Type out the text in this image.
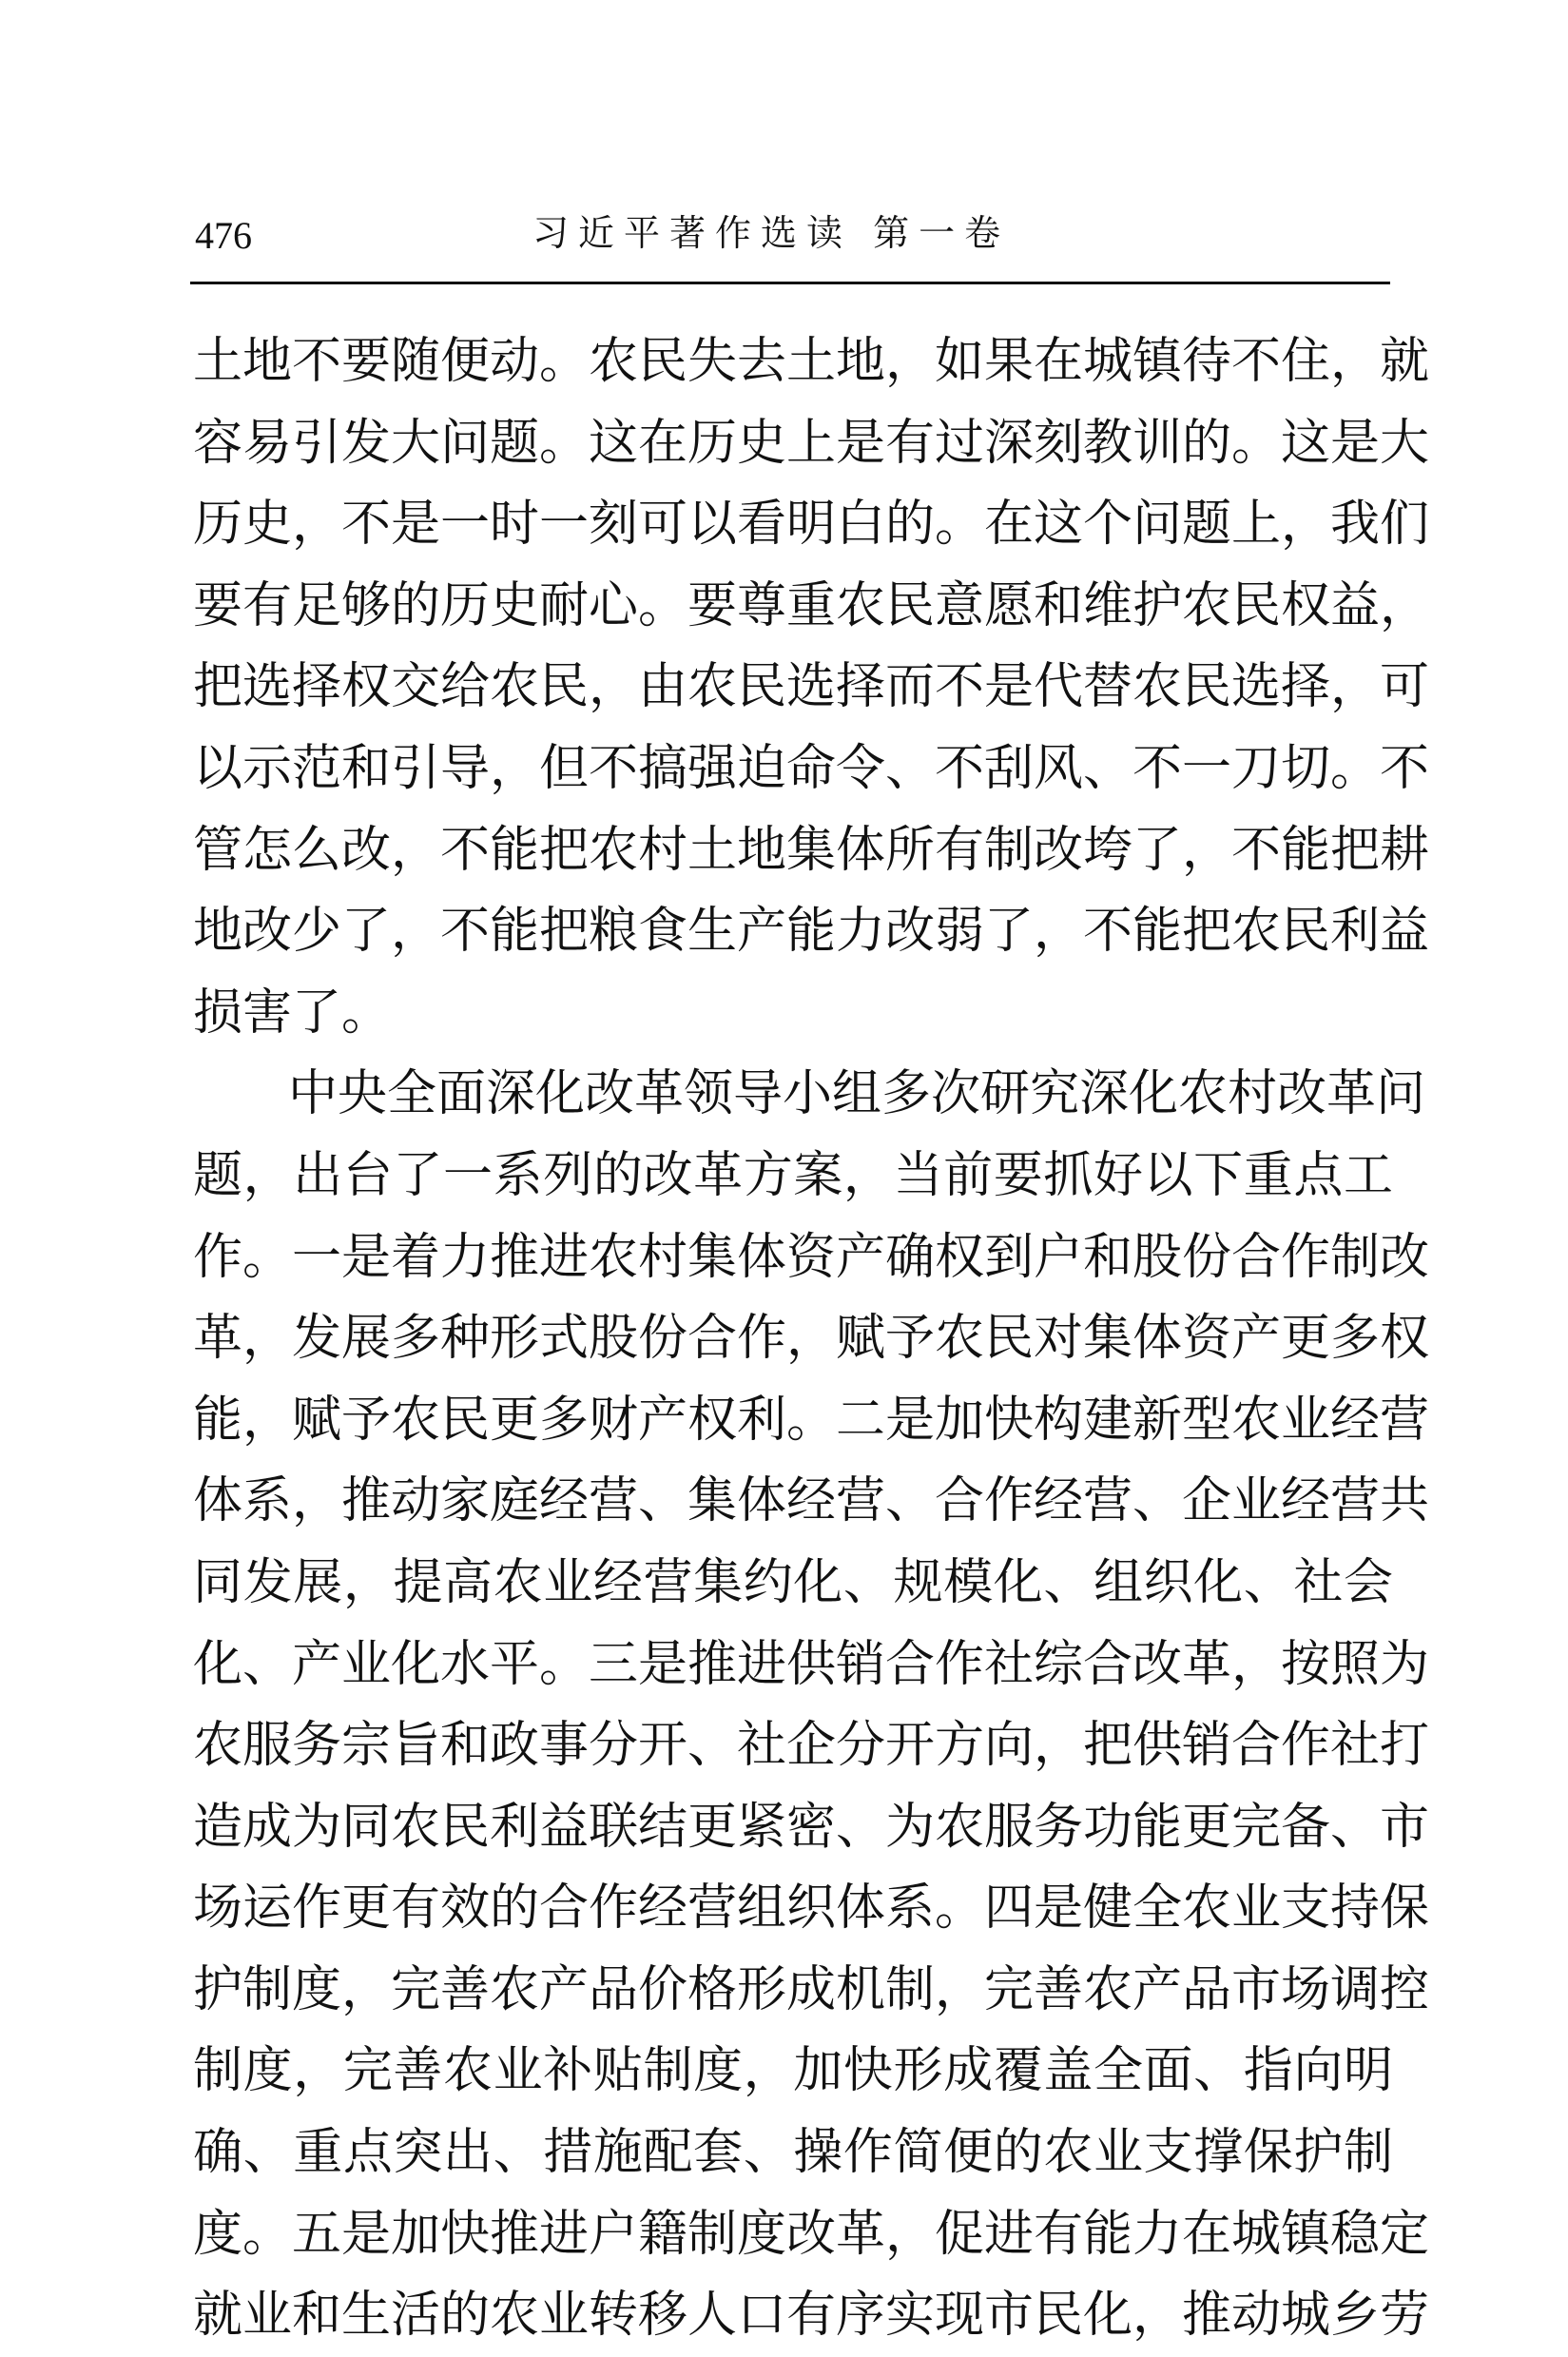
476	习近平著作选读 第一卷
土地不要随便动。农民失去土地，如果在城镇待不住，就
容易引发大问题。这在历史上是有过深刻教训的。这是大
历史，不是一时一刻可以看明白的。在这个问题上，我们
要有足够的历史耐心。要尊重农民意愿和维护农民权益，
把选择权交给农民，由农民选择而不是代替农民选择，可
以示范和引导，但不搞强迫命令、不刮风、不一刀切。不
管怎么改，不能把农村土地集体所有制改垮了，不能把耕
地改少了，不能把粮食生产能力改弱了，不能把农民利益
损害了。
中央全面深化改革领导小组多次研究深化农村改革问
题，出台了一系列的改革方案，当前要抓好以下重点工
作。一是着力推进农村集体资产确权到户和股份合作制改
革，发展多种形式股份合作，赋予农民对集体资产更多权
能，赋予农民更多财产权利。二是加快构建新型农业经营
体系，推动家庭经营、集体经营、合作经营、企业经营共
同发展，提高农业经营集约化、规模化、组织化、社会
化、产业化水平。三是推进供销合作社综合改革，按照为
农服务宗旨和政事分开、社企分开方向，把供销合作社打
造成为同农民利益联结更紧密、为农服务功能更完备、市
场运作更有效的合作经营组织体系。四是健全农业支持保
护制度，完善农产品价格形成机制，完善农产品市场调控
制度，完善农业补贴制度，加快形成覆盖全面、指向明
确、重点突出、措施配套、操作简便的农业支撑保护制
度。五是加快推进户籍制度改革，促进有能力在城镇稳定
就业和生活的农业转移人口有序实现市民化，推动城乡劳
